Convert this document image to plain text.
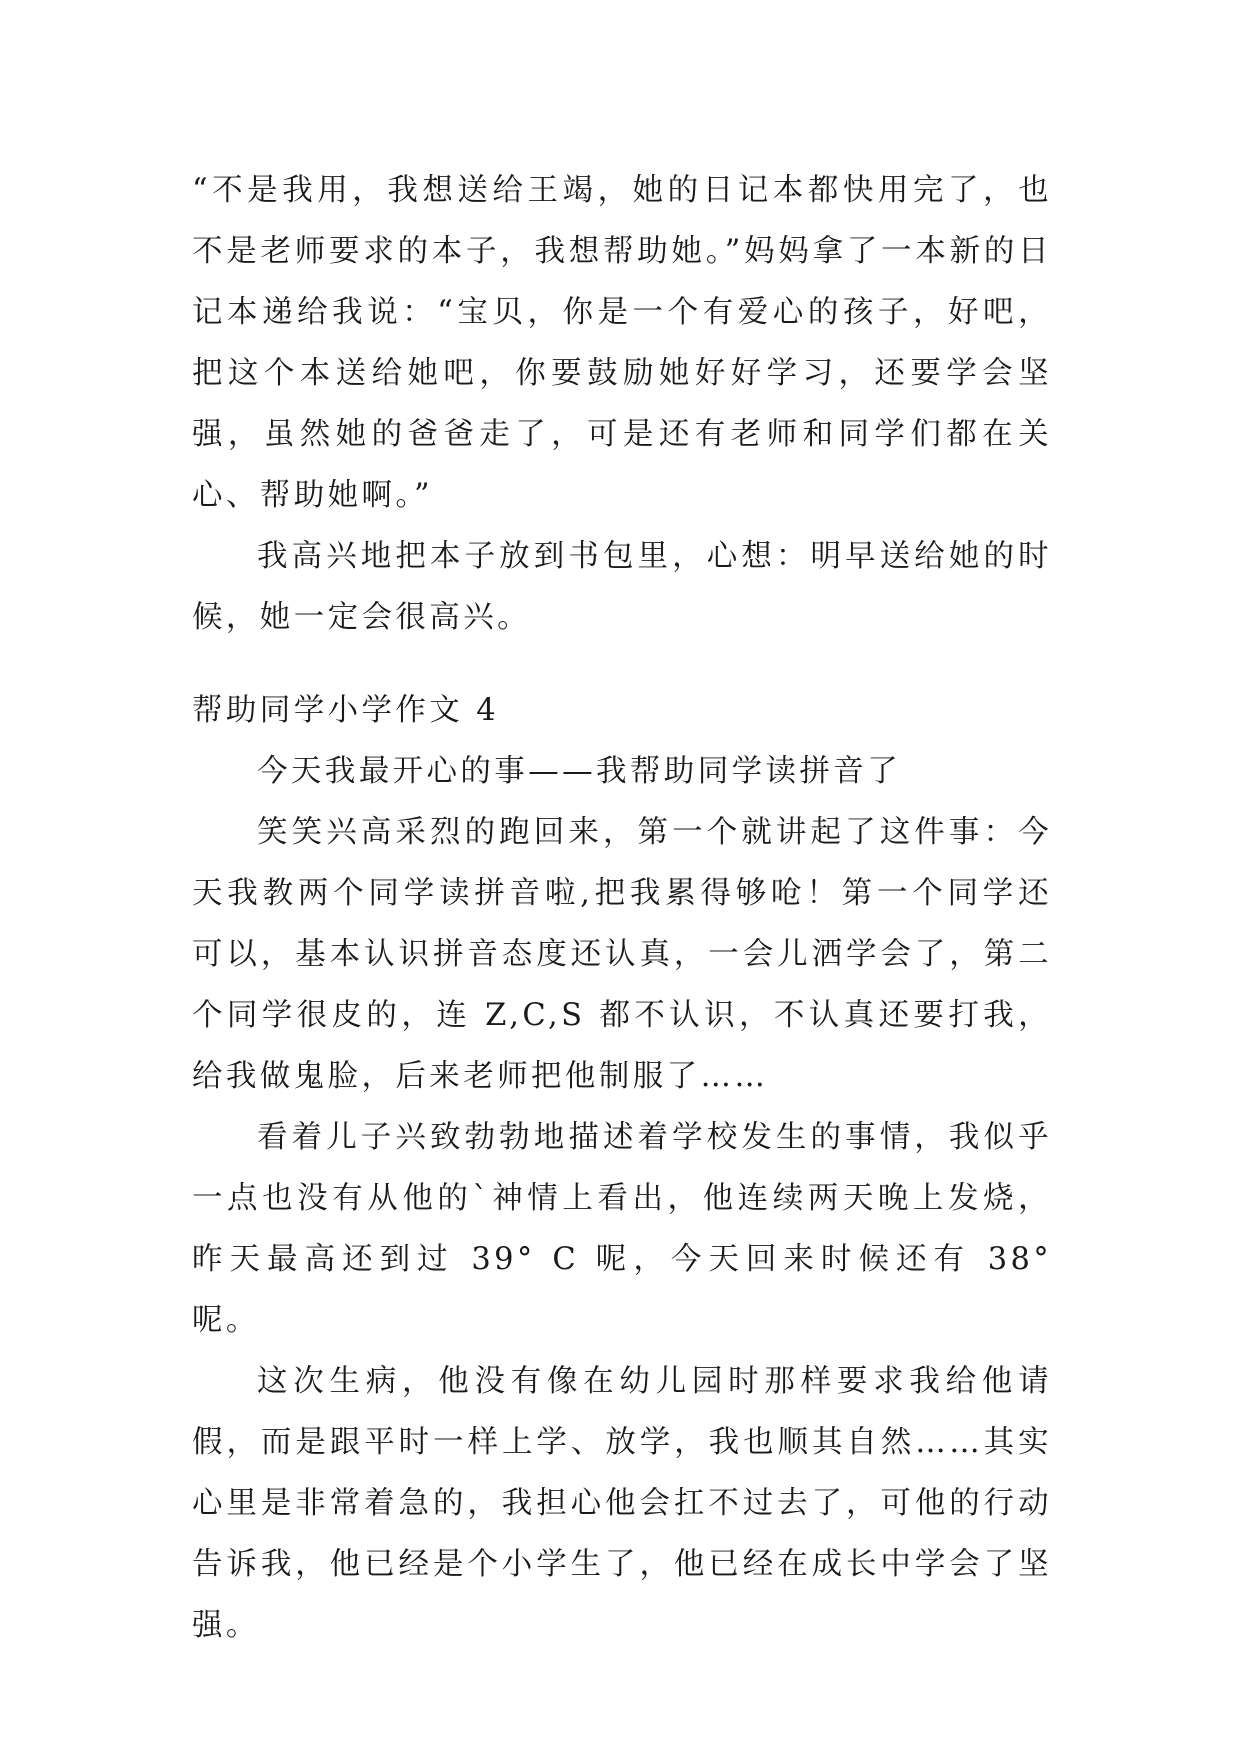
“不是我用，我想送给王竭，她的日记本都快用完了，也不是老师要求的本子，我想帮助她。”妈妈拿了一本新的日记本递给我说：“宝贝，你是一个有爱心的孩子，好吧，把这个本送给她吧，你要鼓励她好好学习，还要学会坚强，虽然她的爸爸走了，可是还有老师和同学们都在关心、帮助她啊。”

我高兴地把本子放到书包里，心想：明早送给她的时候，她一定会很高兴。

帮助同学小学作文 4

今天我最开心的事——我帮助同学读拼音了

笑笑兴高采烈的跑回来，第一个就讲起了这件事：今天我教两个同学读拼音啦,把我累得够呛！第一个同学还可以，基本认识拼音态度还认真，一会儿洒学会了，第二个同学很皮的，连 Z,C,S 都不认识，不认真还要打我，给我做鬼脸，后来老师把他制服了……

看着儿子兴致勃勃地描述着学校发生的事情，我似乎一点也没有从他的`神情上看出，他连续两天晚上发烧，昨天最高还到过 39° C 呢，今天回来时候还有 38° 呢。

这次生病，他没有像在幼儿园时那样要求我给他请假，而是跟平时一样上学、放学，我也顺其自然……其实心里是非常着急的，我担心他会扛不过去了，可他的行动告诉我，他已经是个小学生了，他已经在成长中学会了坚强。
